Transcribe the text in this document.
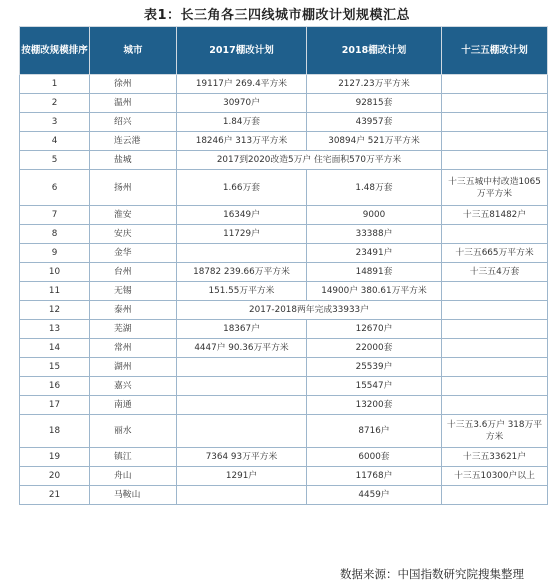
表1：长三角各三四线城市棚改计划规模汇总
按棚改规模排序	城市	2017棚改计划	2018棚改计划	十三五棚改计划
1	徐州	19117户 269.4平方米	2127.23万平方米	
2	温州	30970户	92815套	
3	绍兴	1.84万套	43957套	
4	连云港	18246户 313万平方米	30894户 521万平方米	
5	盐城	2017到2020改造5万户 住宅面积570万平方米		
6	扬州	1.66万套	1.48万套	十三五城中村改造1065万平方米
7	淮安	16349户	9000	十三五81482户
8	安庆	11729户	33388户	
9	金华		23491户	十三五665万平方米
10	台州	18782 239.66万平方米	14891套	十三五4万套
11	无锡	151.55万平方米	14900户 380.61万平方米	
12	泰州	2017-2018两年完成33933户		
13	芜湖	18367户	12670户	
14	常州	4447户 90.36万平方米	22000套	
15	湖州		25539户	
16	嘉兴		15547户	
17	南通		13200套	
18	丽水		8716户	十三五3.6万户 318万平方米
19	镇江	7364 93万平方米	6000套	十三五33621户
20	舟山	1291户	11768户	十三五10300户以上
21	马鞍山		4459户	
数据来源：中国指数研究院搜集整理
